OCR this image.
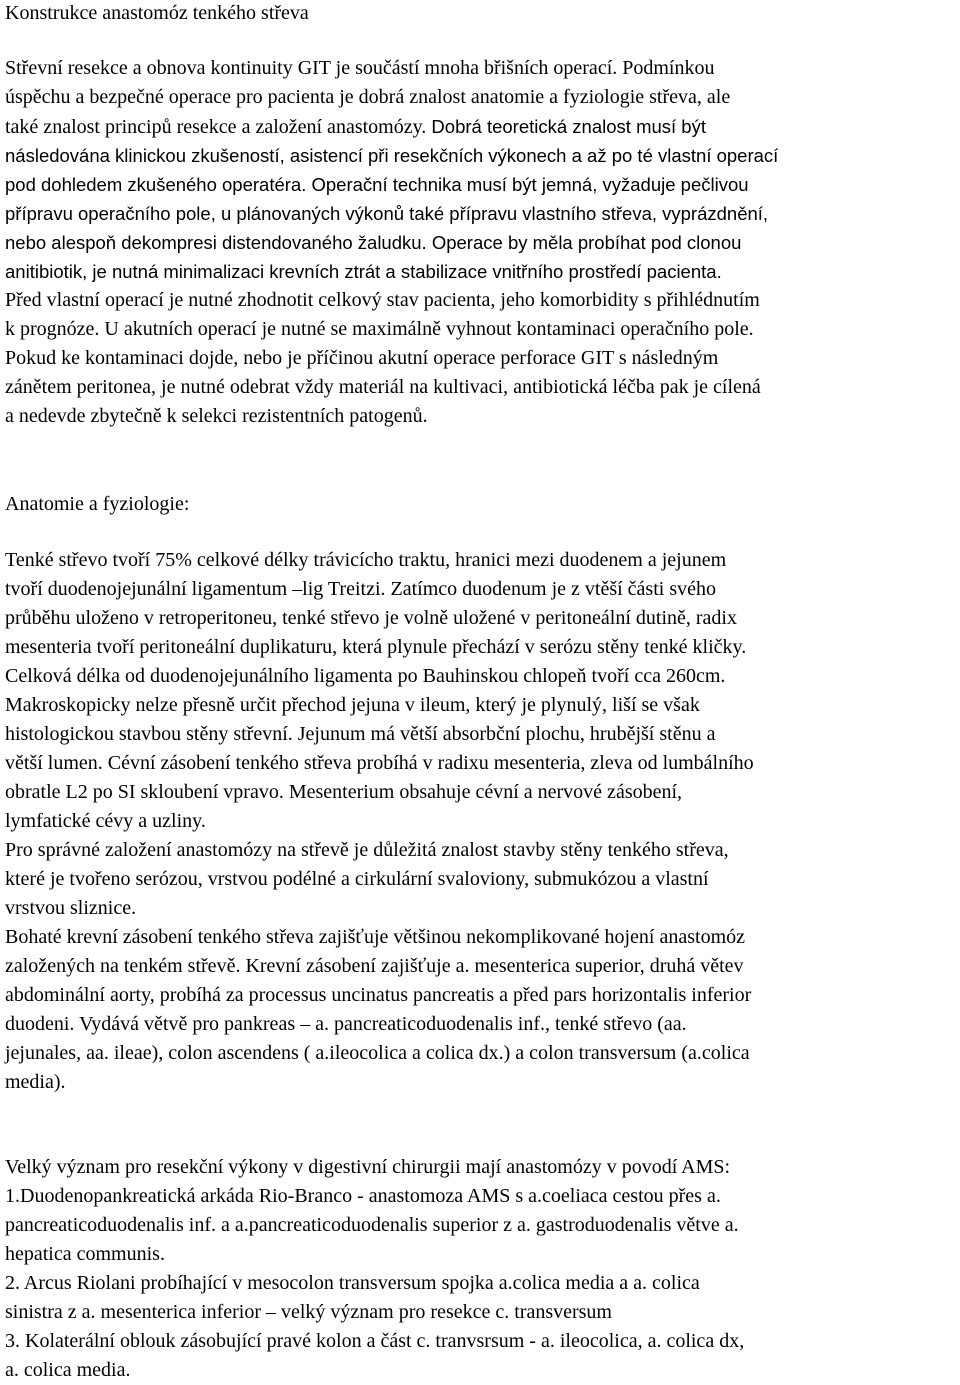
Konstrukce anastomóz tenkého střeva
Střevní resekce a obnova kontinuity GIT je součástí mnoha břišních operací. Podmínkou
úspěchu a bezpečné operace pro pacienta je dobrá znalost anatomie a fyziologie střeva, ale
také znalost principů resekce a založení anastomózy. Dobrá teoretická znalost musí být
následována klinickou zkušeností, asistencí při resekčních výkonech a až po té vlastní operací
pod dohledem zkušeného operatéra. Operační technika musí být jemná, vyžaduje pečlivou
přípravu operačního pole, u plánovaných výkonů také přípravu vlastního střeva, vyprázdnění,
nebo alespoň dekompresi distendovaného žaludku. Operace by měla probíhat pod clonou
anitibiotik, je nutná minimalizaci krevních ztrát a stabilizace vnitřního prostředí pacienta.
Před vlastní operací je nutné zhodnotit celkový stav pacienta, jeho komorbidity s přihlédnutím
k prognóze. U akutních operací je nutné se maximálně vyhnout kontaminaci operačního pole.
Pokud ke kontaminaci dojde, nebo je příčinou akutní operace perforace GIT s následným
zánětem peritonea, je nutné odebrat vždy materiál na kultivaci, antibiotická léčba pak je cílená
a nedevde zbytečně k selekci rezistentních patogenů.
Anatomie a fyziologie:
Tenké střevo tvoří 75% celkové délky trávicícho traktu, hranici mezi duodenem a jejunem
tvoří duodenojejunální ligamentum –lig Treitzi. Zatímco duodenum je z vtěší části svého
průběhu uloženo v retroperitoneu, tenké střevo je volně uložené v peritoneální dutině, radix
mesenteria tvoří peritoneální duplikaturu, která plynule přechází v serózu stěny tenké kličky.
Celková délka od duodenojejunálního ligamenta po Bauhinskou chlopeň tvoří cca 260cm.
Makroskopicky nelze přesně určit přechod jejuna v ileum, který je plynulý, liší se však
histologickou stavbou stěny střevní. Jejunum má větší absorbční plochu, hrubější stěnu a
větší lumen. Cévní zásobení tenkého střeva probíhá v radixu mesenteria, zleva od lumbálního
obratle L2 po SI skloubení vpravo. Mesenterium obsahuje cévní a nervové zásobení,
lymfatické cévy a uzliny.
Pro správné založení anastomózy na střevě je důležitá znalost stavby stěny tenkého střeva,
které je tvořeno serózou, vrstvou podélné a cirkulární svaloviony, submukózou a vlastní
vrstvou sliznice.
Bohaté krevní zásobení tenkého střeva zajišťuje většinou nekomplikované hojení anastomóz
založených na tenkém střevě. Krevní zásobení zajišťuje a. mesenterica superior, druhá větev
abdominální aorty, probíhá za processus uncinatus pancreatis a před pars horizontalis inferior
duodeni. Vydává větvě pro pankreas – a. pancreaticoduodenalis inf., tenké střevo (aa.
jejunales, aa. ileae), colon ascendens ( a.ileocolica a colica dx.) a colon transversum (a.colica
media).
Velký význam pro resekční výkony v digestivní chirurgii mají anastomózy v povodí AMS:
1.Duodenopankreatická arkáda Rio-Branco - anastomoza AMS s a.coeliaca cestou přes a.
pancreaticoduodenalis inf. a a.pancreaticoduodenalis superior z a. gastroduodenalis větve a.
hepatica communis.
2. Arcus Riolani probíhající v mesocolon transversum spojka a.colica media a a. colica
sinistra z a. mesenterica inferior – velký význam pro resekce c. transversum
3. Kolaterální oblouk zásobující pravé kolon a část c. tranvsrsum - a. ileocolica, a. colica dx,
a. colica media.
